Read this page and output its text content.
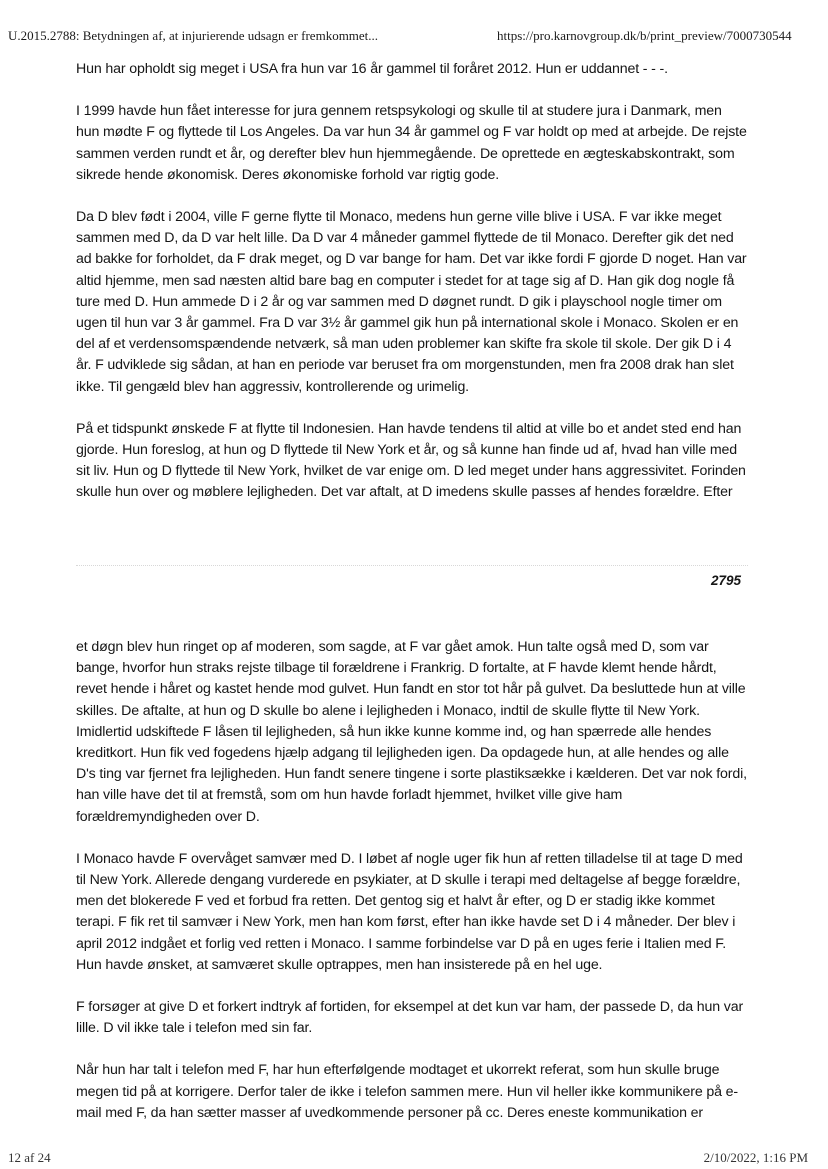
U.2015.2788: Betydningen af, at injurierende udsagn er fremkommet...	https://pro.karnovgroup.dk/b/print_preview/7000730544

Hun har opholdt sig meget i USA fra hun var 16 år gammel til foråret 2012. Hun er uddannet - - -.

I 1999 havde hun fået interesse for jura gennem retspsykologi og skulle til at studere jura i Danmark, men hun mødte F og flyttede til Los Angeles. Da var hun 34 år gammel og F var holdt op med at arbejde. De rejste sammen verden rundt et år, og derefter blev hun hjemmegående. De oprettede en ægteskabskontrakt, som sikrede hende økonomisk. Deres økonomiske forhold var rigtig gode.

Da D blev født i 2004, ville F gerne flytte til Monaco, medens hun gerne ville blive i USA. F var ikke meget sammen med D, da D var helt lille. Da D var 4 måneder gammel flyttede de til Monaco. Derefter gik det ned ad bakke for forholdet, da F drak meget, og D var bange for ham. Det var ikke fordi F gjorde D noget. Han var altid hjemme, men sad næsten altid bare bag en computer i stedet for at tage sig af D. Han gik dog nogle få ture med D. Hun ammede D i 2 år og var sammen med D døgnet rundt. D gik i playschool nogle timer om ugen til hun var 3 år gammel. Fra D var 3½ år gammel gik hun på international skole i Monaco. Skolen er en del af et verdensomspændende netværk, så man uden problemer kan skifte fra skole til skole. Der gik D i 4 år. F udviklede sig sådan, at han en periode var beruset fra om morgenstunden, men fra 2008 drak han slet ikke. Til gengæld blev han aggressiv, kontrollerende og urimelig.

På et tidspunkt ønskede F at flytte til Indonesien. Han havde tendens til altid at ville bo et andet sted end han gjorde. Hun foreslog, at hun og D flyttede til New York et år, og så kunne han finde ud af, hvad han ville med sit liv. Hun og D flyttede til New York, hvilket de var enige om. D led meget under hans aggressivitet. Forinden skulle hun over og møblere lejligheden. Det var aftalt, at D imedens skulle passes af hendes forældre. Efter

2795

et døgn blev hun ringet op af moderen, som sagde, at F var gået amok. Hun talte også med D, som var bange, hvorfor hun straks rejste tilbage til forældrene i Frankrig. D fortalte, at F havde klemt hende hårdt, revet hende i håret og kastet hende mod gulvet. Hun fandt en stor tot hår på gulvet. Da besluttede hun at ville skilles. De aftalte, at hun og D skulle bo alene i lejligheden i Monaco, indtil de skulle flytte til New York. Imidlertid udskiftede F låsen til lejligheden, så hun ikke kunne komme ind, og han spærrede alle hendes kreditkort. Hun fik ved fogedens hjælp adgang til lejligheden igen. Da opdagede hun, at alle hendes og alle D's ting var fjernet fra lejligheden. Hun fandt senere tingene i sorte plastiksække i kælderen. Det var nok fordi, han ville have det til at fremstå, som om hun havde forladt hjemmet, hvilket ville give ham forældremyndigheden over D.

I Monaco havde F overvåget samvær med D. I løbet af nogle uger fik hun af retten tilladelse til at tage D med til New York. Allerede dengang vurderede en psykiater, at D skulle i terapi med deltagelse af begge forældre, men det blokerede F ved et forbud fra retten. Det gentog sig et halvt år efter, og D er stadig ikke kommet terapi. F fik ret til samvær i New York, men han kom først, efter han ikke havde set D i 4 måneder. Der blev i april 2012 indgået et forlig ved retten i Monaco. I samme forbindelse var D på en uges ferie i Italien med F. Hun havde ønsket, at samværet skulle optrappes, men han insisterede på en hel uge.

F forsøger at give D et forkert indtryk af fortiden, for eksempel at det kun var ham, der passede D, da hun var lille. D vil ikke tale i telefon med sin far.

Når hun har talt i telefon med F, har hun efterfølgende modtaget et ukorrekt referat, som hun skulle bruge megen tid på at korrigere. Derfor taler de ikke i telefon sammen mere. Hun vil heller ikke kommunikere på e-mail med F, da han sætter masser af uvedkommende personer på cc. Deres eneste kommunikation er

12 af 24	2/10/2022, 1:16 PM
